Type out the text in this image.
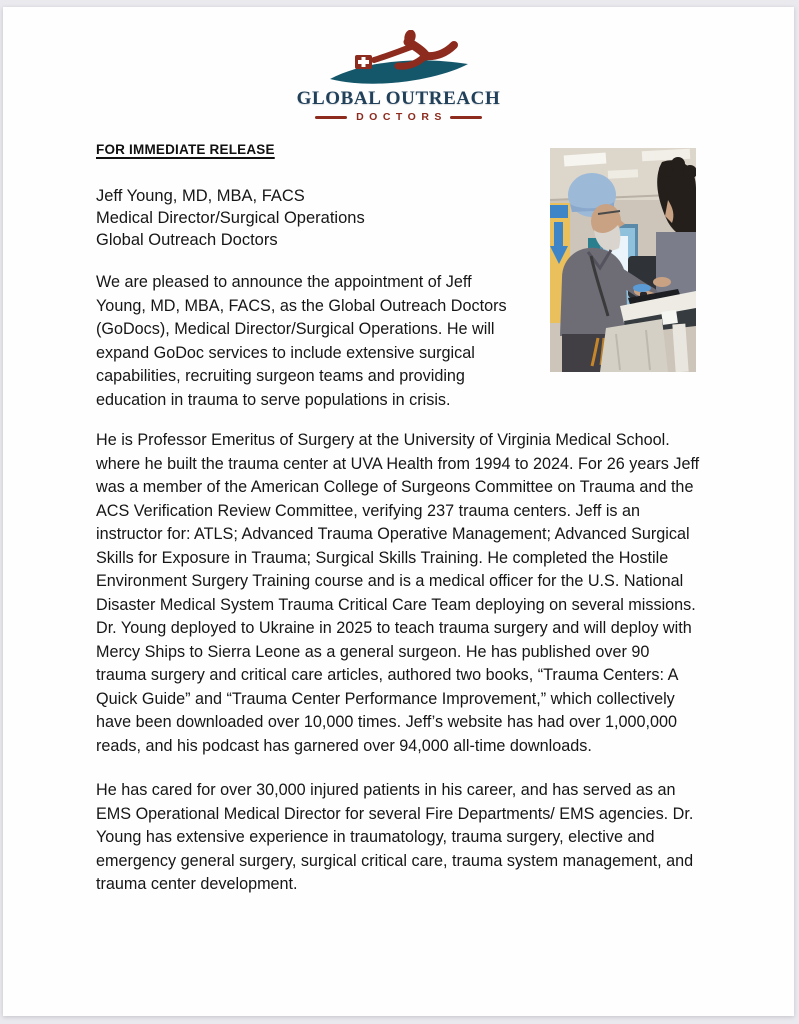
GLOBAL OUTREACH
DOCTORS
FOR IMMEDIATE RELEASE

Jeff Young, MD, MBA, FACS

Medical Director/Surgical Operations

Global Outreach Doctors

We are pleased to announce the appointment of Jeff Young, MD, MBA, FACS, as the Global Outreach Doctors (GoDocs), Medical Director/Surgical Operations. He will expand GoDoc services to include extensive surgical capabilities, recruiting surgeon teams and providing education in trauma to serve populations in crisis.

He is Professor Emeritus of Surgery at the University of Virginia Medical School. where he built the trauma center at UVA Health from 1994 to 2024. For 26 years Jeff was a member of the American College of Surgeons Committee on Trauma and the ACS Verification Review Committee, verifying 237 trauma centers. Jeff is an instructor for: ATLS; Advanced Trauma Operative Management; Advanced Surgical Skills for Exposure in Trauma; Surgical Skills Training. He completed the Hostile Environment Surgery Training course and is a medical officer for the U.S. National Disaster Medical System Trauma Critical Care Team deploying on several missions. Dr. Young deployed to Ukraine in 2025 to teach trauma surgery and will deploy with Mercy Ships to Sierra Leone as a general surgeon. He has published over 90 trauma surgery and critical care articles, authored two books, “Trauma Centers: A Quick Guide” and “Trauma Center Performance Improvement,” which collectively have been downloaded over 10,000 times. Jeff’s website has had over 1,000,000 reads, and his podcast has garnered over 94,000 all-time downloads.

He has cared for over 30,000 injured patients in his career, and has served as an EMS Operational Medical Director for several Fire Departments/ EMS agencies. Dr. Young has extensive experience in traumatology, trauma surgery, elective and emergency general surgery, surgical critical care, trauma system management, and trauma center development.
